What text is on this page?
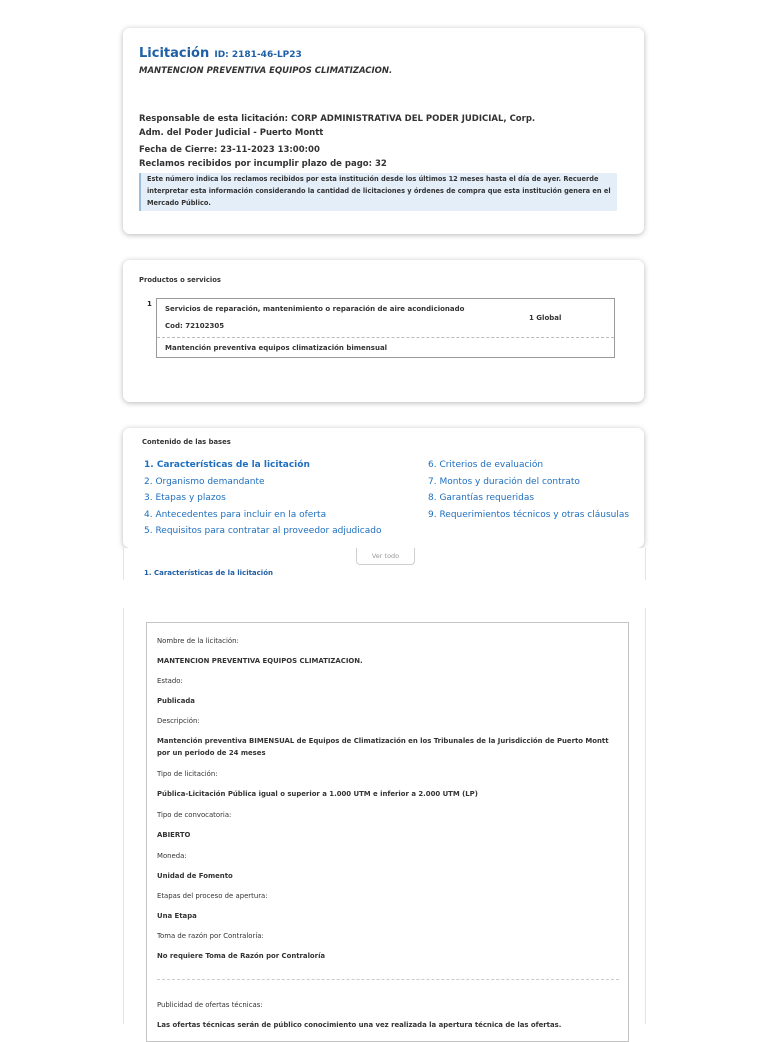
Licitación ID: 2181-46-LP23
MANTENCION PREVENTIVA EQUIPOS CLIMATIZACION.
Responsable de esta licitación: CORP ADMINISTRATIVA DEL PODER JUDICIAL, Corp.
Adm. del Poder Judicial - Puerto Montt
Fecha de Cierre: 23-11-2023 13:00:00
Reclamos recibidos por incumplir plazo de pago: 32
Este número indica los reclamos recibidos por esta institución desde los últimos 12 meses hasta el día de ayer. Recuerde interpretar esta información considerando la cantidad de licitaciones y órdenes de compra que esta institución genera en el Mercado Público.
Productos o servicios
1
Servicios de reparación, mantenimiento o reparación de aire acondicionado
Cod: 72102305
1 Global
Mantención preventiva equipos climatización bimensual
Contenido de las bases
1. Características de la licitación
2. Organismo demandante
3. Etapas y plazos
4. Antecedentes para incluir en la oferta
5. Requisitos para contratar al proveedor adjudicado
6. Criterios de evaluación
7. Montos y duración del contrato
8. Garantías requeridas
9. Requerimientos técnicos y otras cláusulas
Ver todo
1. Características de la licitación
Nombre de la licitación:
MANTENCION PREVENTIVA EQUIPOS CLIMATIZACION.
Estado:
Publicada
Descripción:
Mantención preventiva BIMENSUAL de Equipos de Climatización en los Tribunales de la Jurisdicción de Puerto Montt por un periodo de 24 meses
Tipo de licitación:
Pública-Licitación Pública igual o superior a 1.000 UTM e inferior a 2.000 UTM (LP)
Tipo de convocatoria:
ABIERTO
Moneda:
Unidad de Fomento
Etapas del proceso de apertura:
Una Etapa
Toma de razón por Contraloría:
No requiere Toma de Razón por Contraloría
Publicidad de ofertas técnicas:
Las ofertas técnicas serán de público conocimiento una vez realizada la apertura técnica de las ofertas.
